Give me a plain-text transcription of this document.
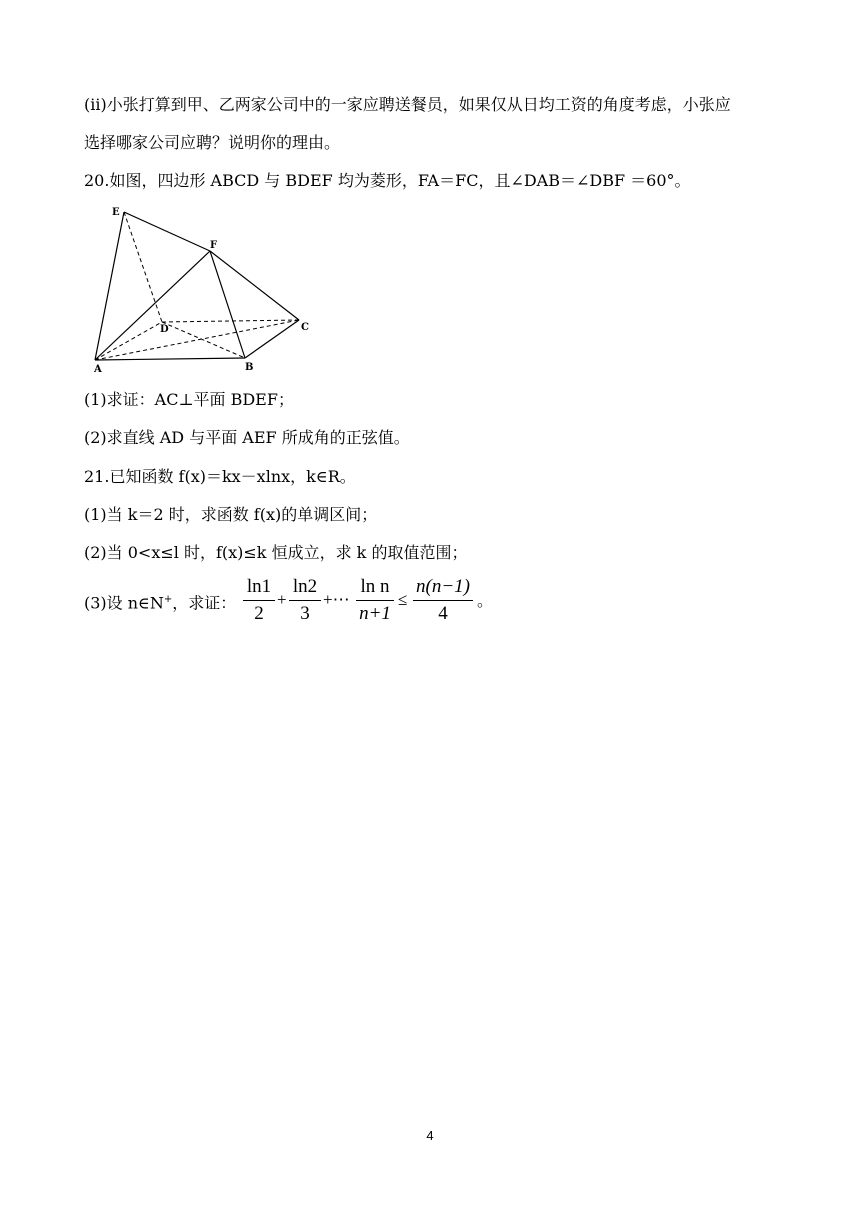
(ii)小张打算到甲、乙两家公司中的一家应聘送餐员，如果仅从日均工资的角度考虑，小张应
选择哪家公司应聘？说明你的理由。
20.如图，四边形 ABCD 与 BDEF 均为菱形，FA＝FC，且∠DAB＝∠DBF ＝60°。
E
F
D	C
A	B
(1)求证：AC⊥平面 BDEF；
(2)求直线 AD 与平面 AEF 所成角的正弦值。
21.已知函数 f(x)＝kx－xlnx，k∈R。
(1)当 k＝2 时，求函数 f(x)的单调区间；
(2)当 0<x≤l 时，f(x)≤k 恒成立，求 k 的取值范围；
(3)设 n∈N+，求证：
ln1
2
+
ln2
3
+⋯
ln n
n+1
≤
n(n−1)
4
。
4
